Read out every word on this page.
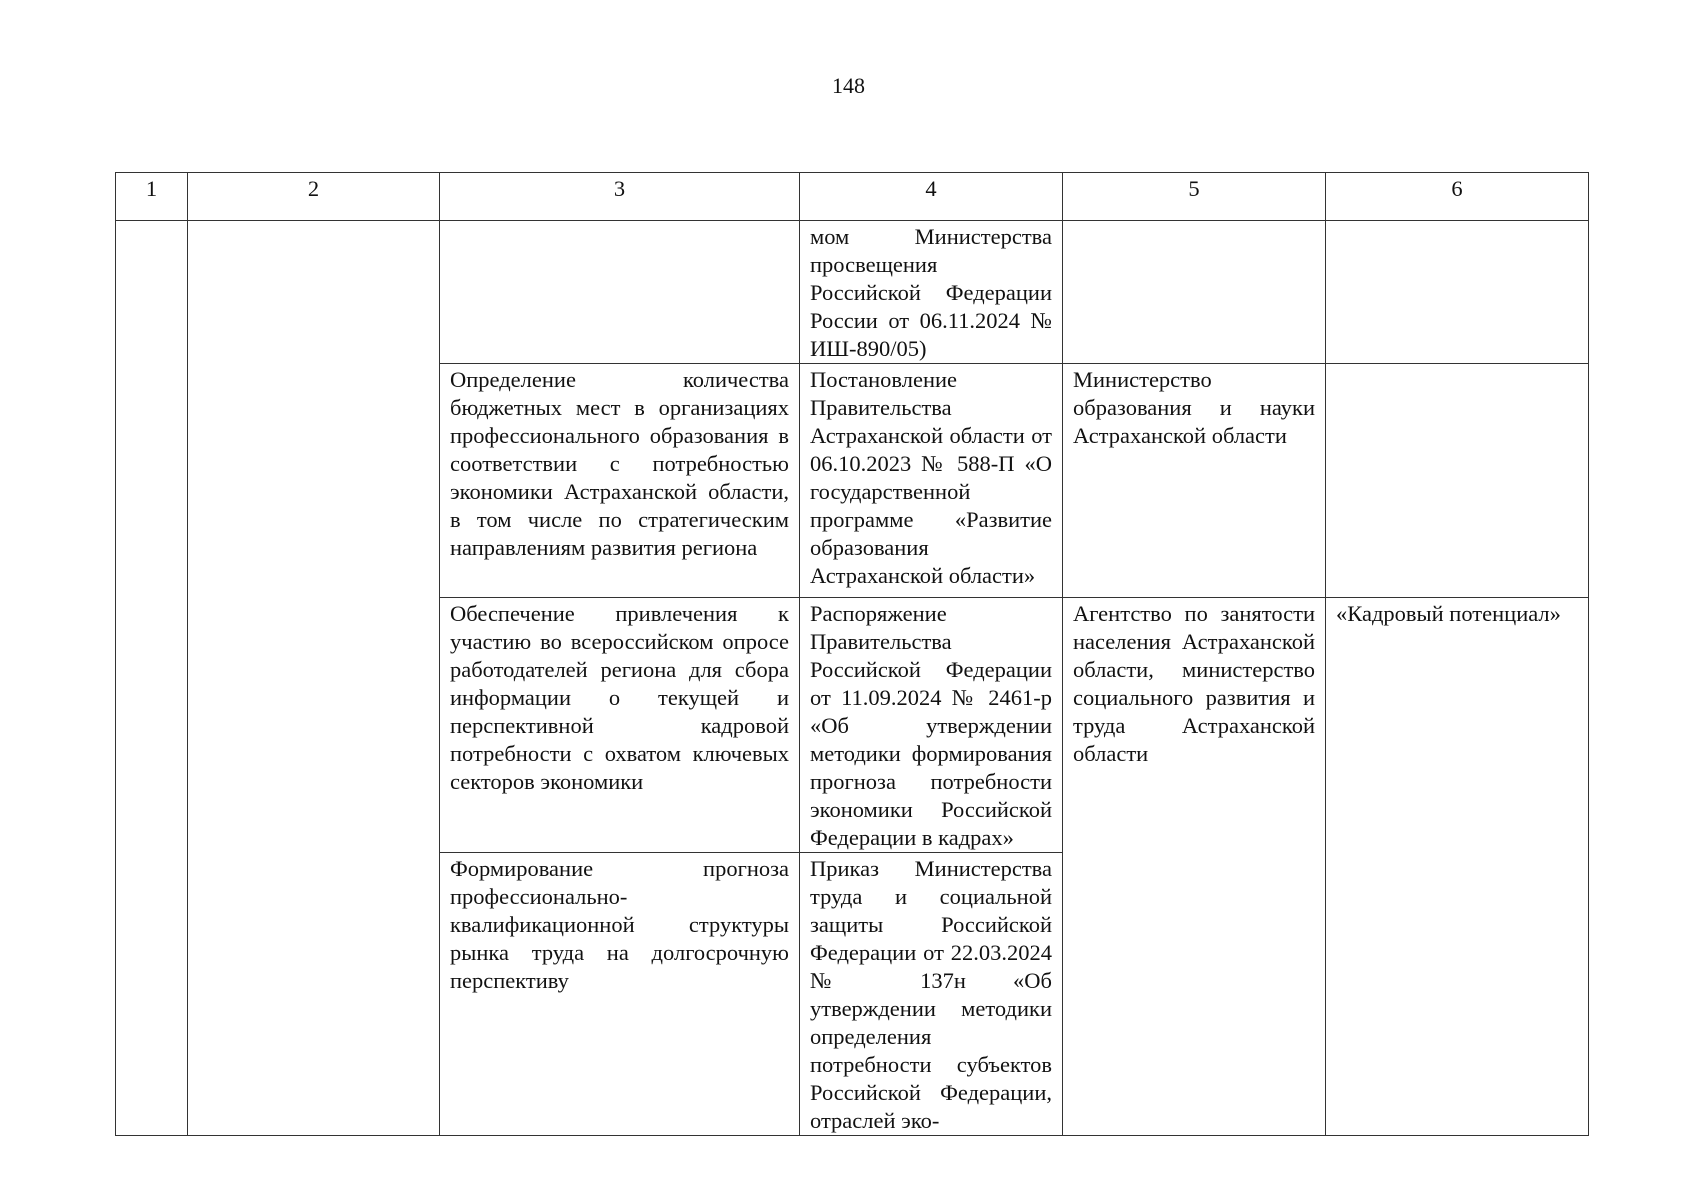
148
1	2	3	4	5	6

			мом Министерства просвещения Российской Федерации России от 06.11.2024 № ИШ-890/05)		

		Определение количества бюджетных мест в организациях профессионального образования в соответствии с потребностью экономики Астраханской области, в том числе по стратегическим направлениям развития региона	Постановление Правительства Астраханской области от 06.10.2023 № 588-П «О государственной программе «Развитие образования Астраханской области»	Министерство образования и науки Астраханской области	

		Обеспечение привлечения к участию во всероссийском опросе работодателей региона для сбора информации о текущей и перспективной кадровой потребности с охватом ключевых секторов экономики	Распоряжение Правительства Российской Федерации от 11.09.2024 № 2461-р «Об утверждении методики формирования прогноза потребности экономики Российской Федерации в кадрах»	Агентство по занятости населения Астраханской области, министерство социального развития и труда Астраханской области	«Кадровый потенциал»

		Формирование прогноза профессионально-квалификационной структуры рынка труда на долгосрочную перспективу	Приказ Министерства труда и социальной защиты Российской Федерации от 22.03.2024 № 137н «Об утверждении методики определения потребности субъектов Российской Федерации, отраслей эко-		
